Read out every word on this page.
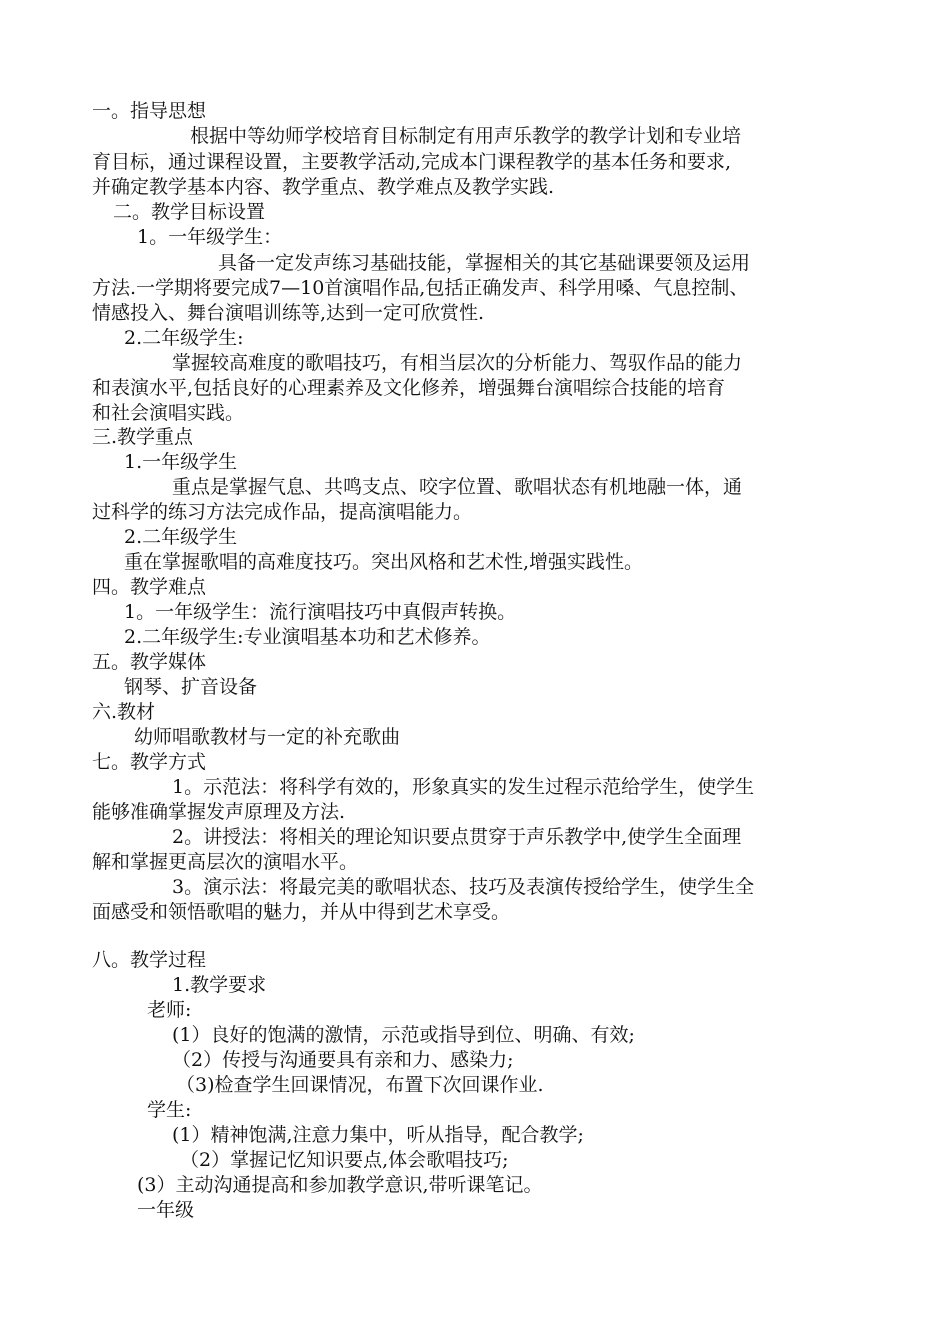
一。指导思想

根据中等幼师学校培育目标制定有用声乐教学的教学计划和专业培

育目标，通过课程设置，主要教学活动,完成本门课程教学的基本任务和要求,

并确定教学基本内容、教学重点、教学难点及教学实践.

二。教学目标设置

1。一年级学生：

具备一定发声练习基础技能，掌握相关的其它基础课要领及运用

方法.一学期将要完成7—10首演唱作品,包括正确发声、科学用嗓、气息控制、

情感投入、舞台演唱训练等,达到一定可欣赏性.

2.二年级学生:

掌握较高难度的歌唱技巧，有相当层次的分析能力、驾驭作品的能力

和表演水平,包括良好的心理素养及文化修养，增强舞台演唱综合技能的培育

和社会演唱实践。

三.教学重点

1.一年级学生

重点是掌握气息、共鸣支点、咬字位置、歌唱状态有机地融一体，通

过科学的练习方法完成作品，提高演唱能力。

2.二年级学生

重在掌握歌唱的高难度技巧。突出风格和艺术性,增强实践性。

四。教学难点

1。一年级学生：流行演唱技巧中真假声转换。

2.二年级学生:专业演唱基本功和艺术修养。

五。教学媒体

钢琴、扩音设备

六.教材

幼师唱歌教材与一定的补充歌曲

七。教学方式

1。示范法：将科学有效的，形象真实的发生过程示范给学生，使学生

能够准确掌握发声原理及方法.

2。讲授法：将相关的理论知识要点贯穿于声乐教学中,使学生全面理

解和掌握更高层次的演唱水平。

3。演示法：将最完美的歌唱状态、技巧及表演传授给学生，使学生全

面感受和领悟歌唱的魅力，并从中得到艺术享受。

八。教学过程

1.教学要求

老师:

(1）良好的饱满的激情，示范或指导到位、明确、有效;

（2）传授与沟通要具有亲和力、感染力;

（3)检查学生回课情况，布置下次回课作业.

学生:

(1）精神饱满,注意力集中，听从指导，配合教学;

（2）掌握记忆知识要点,体会歌唱技巧;

(3）主动沟通提高和参加教学意识,带听课笔记。

一年级
